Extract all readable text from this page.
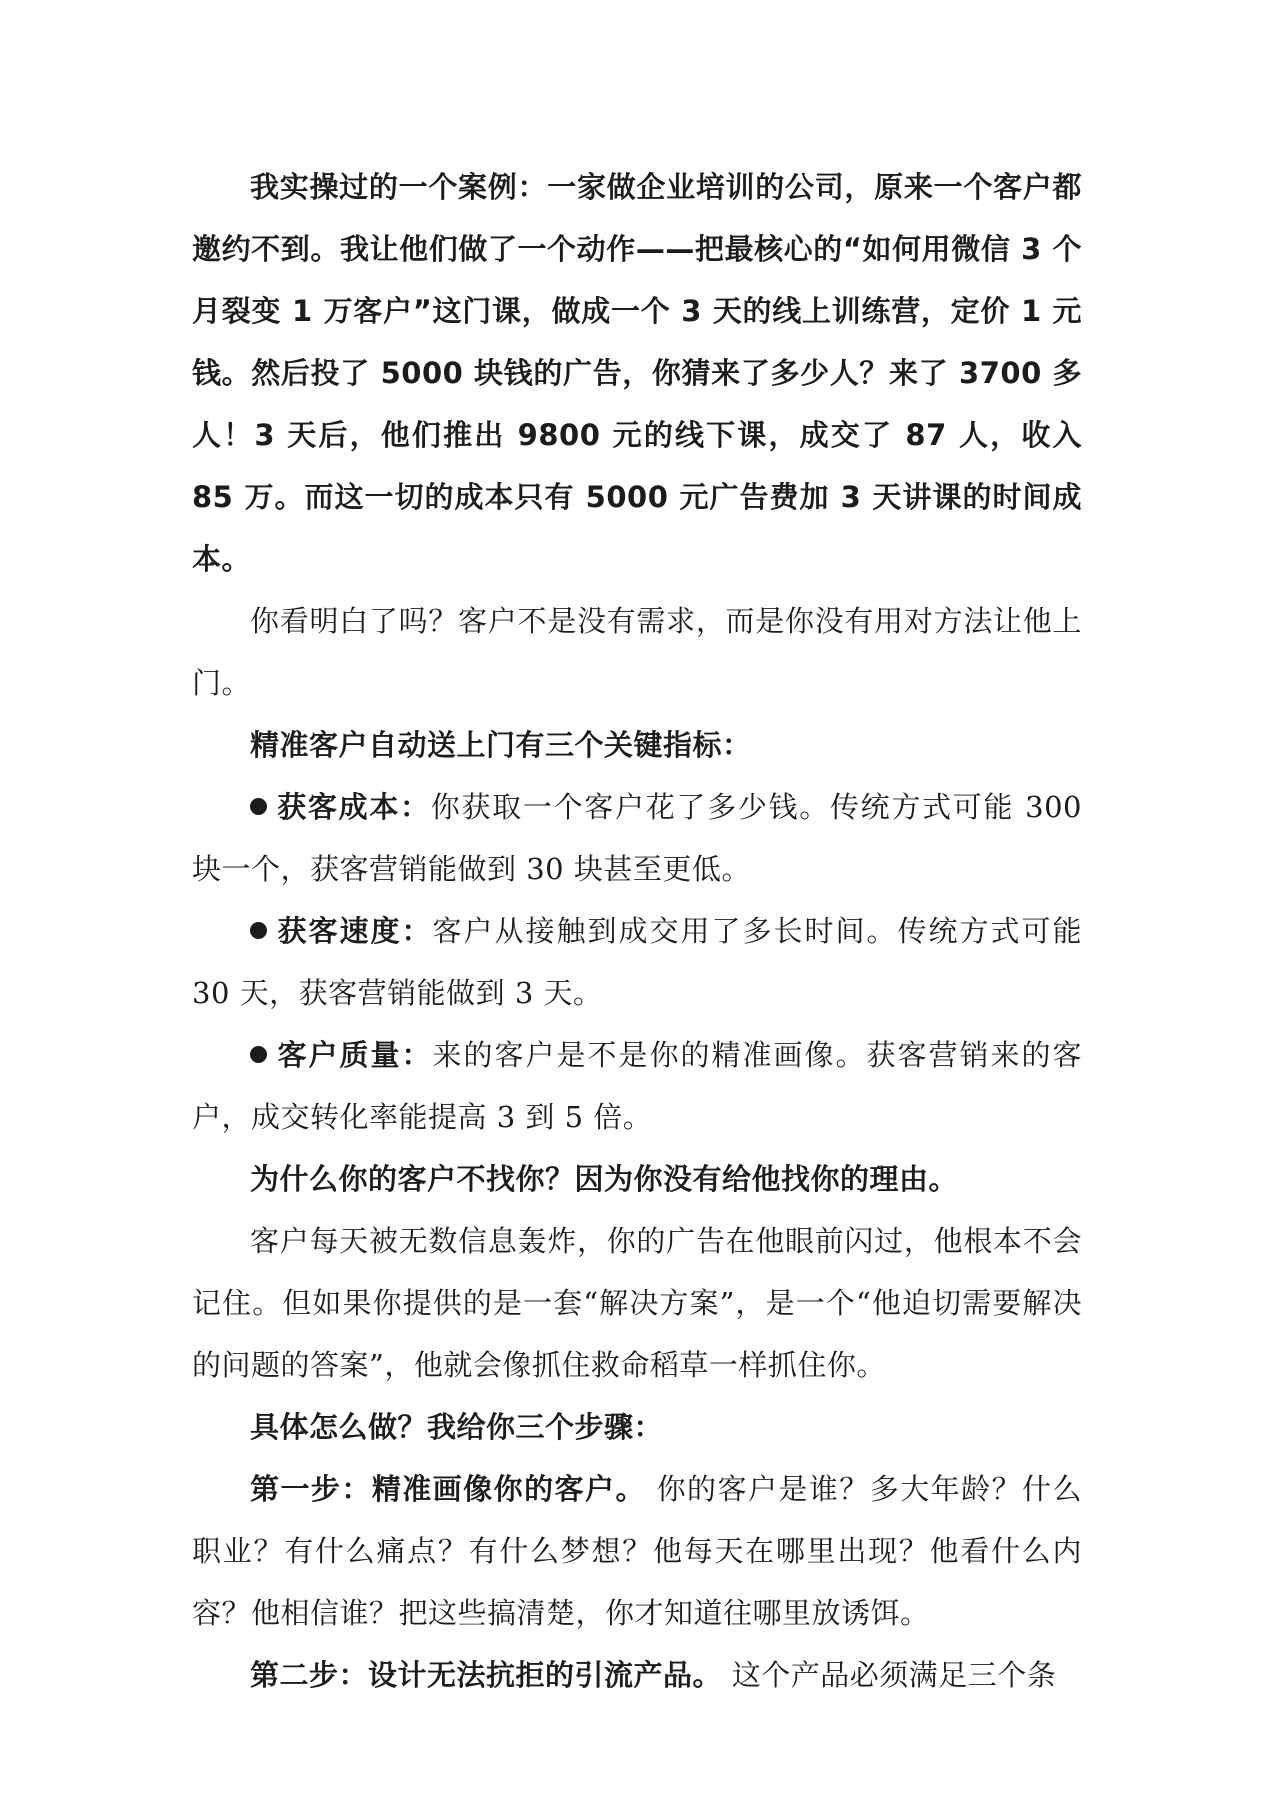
我实操过的一个案例：一家做企业培训的公司，原来一个客户都邀约不到。我让他们做了一个动作——把最核心的“如何用微信 3 个月裂变 1 万客户”这门课，做成一个 3 天的线上训练营，定价 1 元钱。然后投了 5000 块钱的广告，你猜来了多少人？来了 3700 多人！3 天后，他们推出 9800 元的线下课，成交了 87 人，收入 85 万。而这一切的成本只有 5000 元广告费加 3 天讲课的时间成本。

你看明白了吗？客户不是没有需求，而是你没有用对方法让他上门。

精准客户自动送上门有三个关键指标：

获客成本：你获取一个客户花了多少钱。传统方式可能 300 块一个，获客营销能做到 30 块甚至更低。

获客速度：客户从接触到成交用了多长时间。传统方式可能 30 天，获客营销能做到 3 天。

客户质量：来的客户是不是你的精准画像。获客营销来的客户，成交转化率能提高 3 到 5 倍。

为什么你的客户不找你？因为你没有给他找你的理由。

客户每天被无数信息轰炸，你的广告在他眼前闪过，他根本不会记住。但如果你提供的是一套“解决方案”，是一个“他迫切需要解决的问题的答案”，他就会像抓住救命稻草一样抓住你。

具体怎么做？我给你三个步骤：

第一步：精准画像你的客户。 你的客户是谁？多大年龄？什么职业？有什么痛点？有什么梦想？他每天在哪里出现？他看什么内容？他相信谁？把这些搞清楚，你才知道往哪里放诱饵。

第二步：设计无法抗拒的引流产品。 这个产品必须满足三个条
